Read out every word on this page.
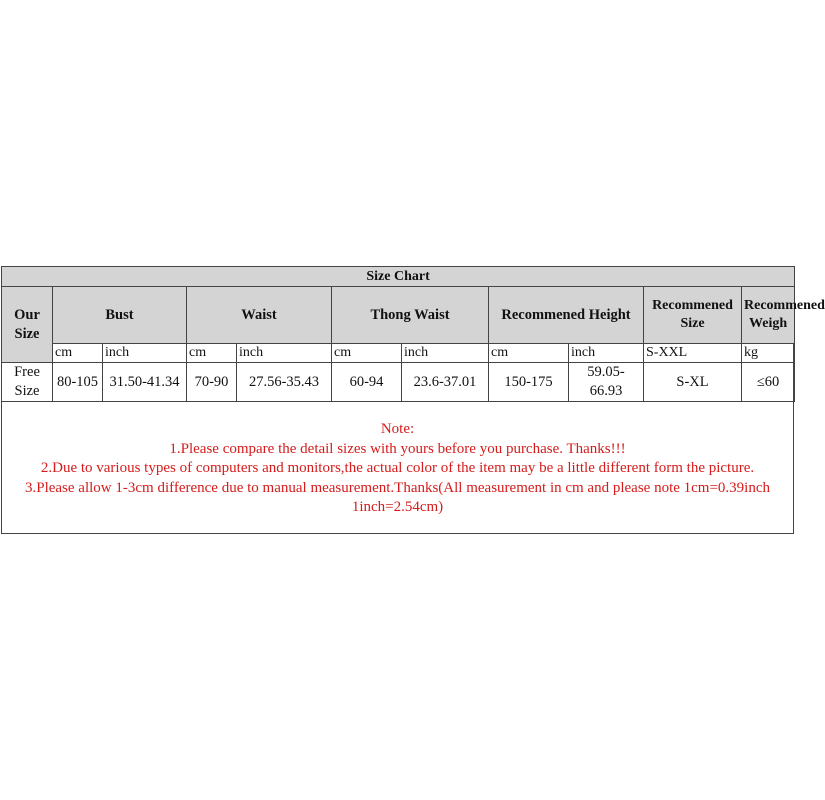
Size Chart										
Our Size	Bust		Waist		Thong Waist		Recommened Height		Recommened Size	Recommened Weigh
	cm	inch	cm	inch	cm	inch	cm	inch	S-XXL	kg
Free Size	80-105	31.50-41.34	70-90	27.56-35.43	60-94	23.6-37.01	150-175	59.05-66.93	S-XL	≤60
Note:
1.Please compare the detail sizes with yours before you purchase. Thanks!!!
2.Due to various types of computers and monitors,the actual color of the item may be a little different form the picture.
3.Please allow 1-3cm difference due to manual measurement.Thanks(All measurement in cm and please note 1cm=0.39inch
1inch=2.54cm)
